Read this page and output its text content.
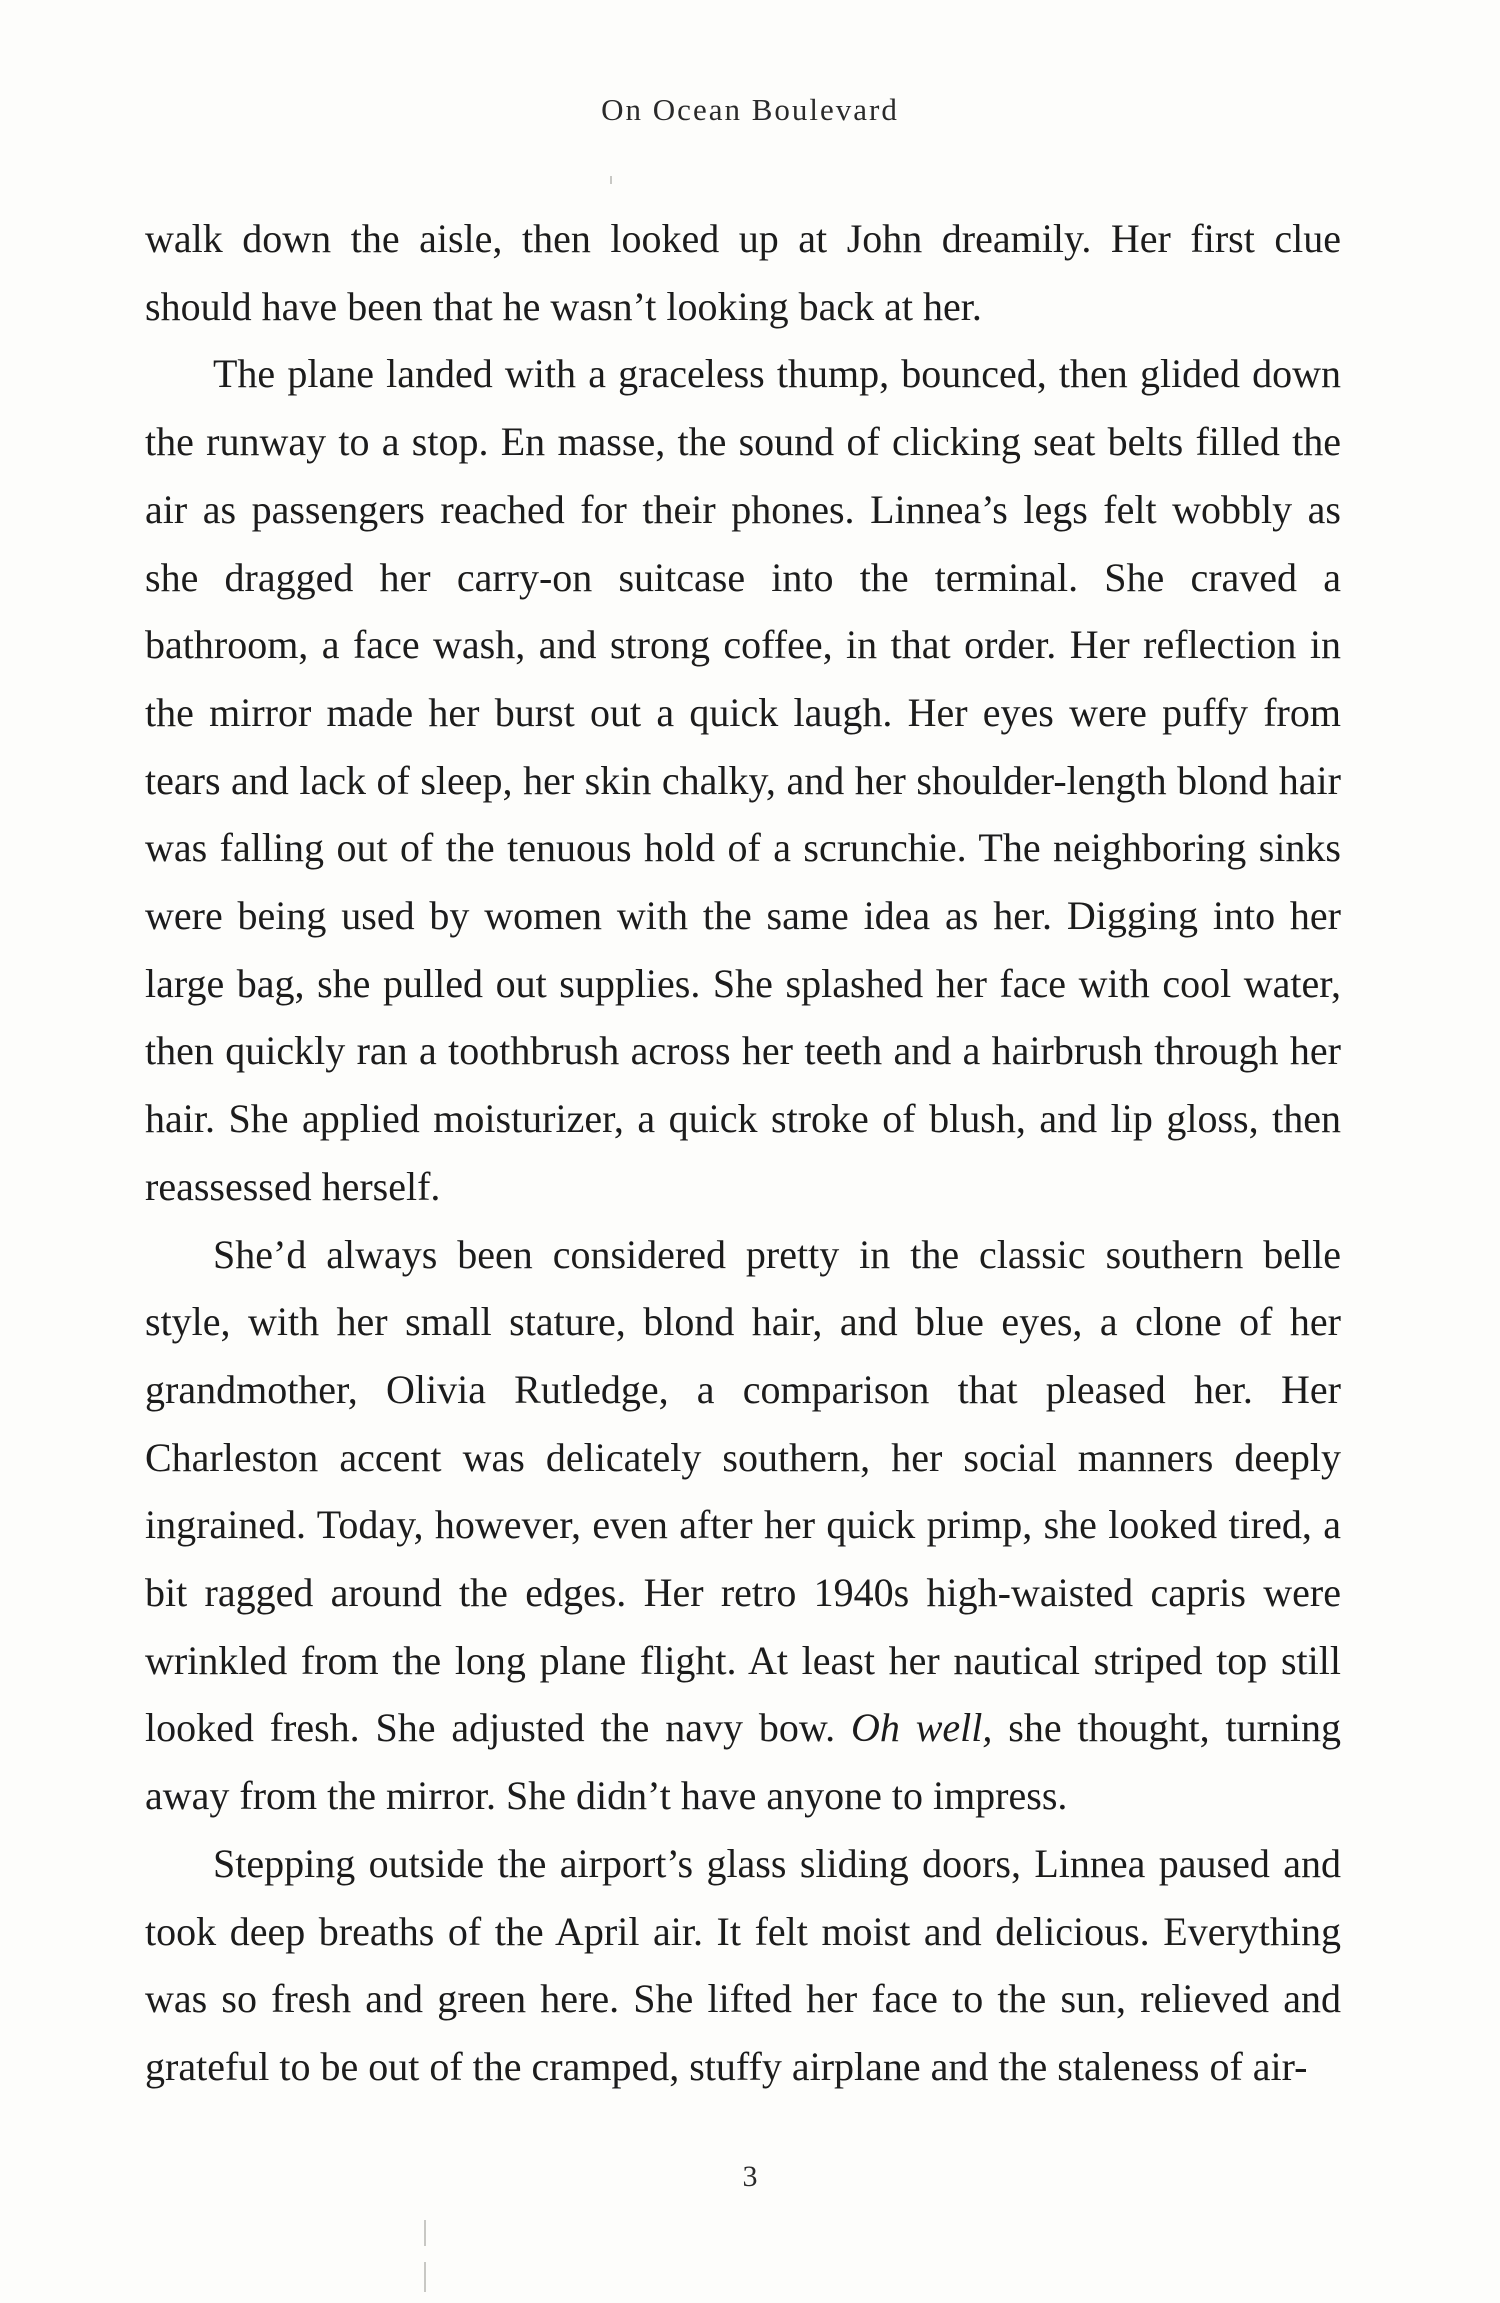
On Ocean Boulevard

walk down the aisle, then looked up at John dreamily. Her first clue should have been that he wasn’t looking back at her.

The plane landed with a graceless thump, bounced, then glided down the runway to a stop. En masse, the sound of clicking seat belts filled the air as passengers reached for their phones. Linnea’s legs felt wobbly as she dragged her carry-on suitcase into the terminal. She craved a bathroom, a face wash, and strong coffee, in that order. Her reflection in the mirror made her burst out a quick laugh. Her eyes were puffy from tears and lack of sleep, her skin chalky, and her shoulder-length blond hair was falling out of the tenuous hold of a scrunchie. The neighboring sinks were being used by women with the same idea as her. Digging into her large bag, she pulled out supplies. She splashed her face with cool water, then quickly ran a toothbrush across her teeth and a hairbrush through her hair. She applied moisturizer, a quick stroke of blush, and lip gloss, then reassessed herself.

She’d always been considered pretty in the classic southern belle style, with her small stature, blond hair, and blue eyes, a clone of her grandmother, Olivia Rutledge, a comparison that pleased her. Her Charleston accent was delicately southern, her social manners deeply ingrained. Today, however, even after her quick primp, she looked tired, a bit ragged around the edges. Her retro 1940s high-waisted capris were wrinkled from the long plane flight. At least her nautical striped top still looked fresh. She adjusted the navy bow. Oh well, she thought, turning away from the mirror. She didn’t have anyone to impress.

Stepping outside the airport’s glass sliding doors, Linnea paused and took deep breaths of the April air. It felt moist and delicious. Everything was so fresh and green here. She lifted her face to the sun, relieved and grateful to be out of the cramped, stuffy airplane and the staleness of air-

3
